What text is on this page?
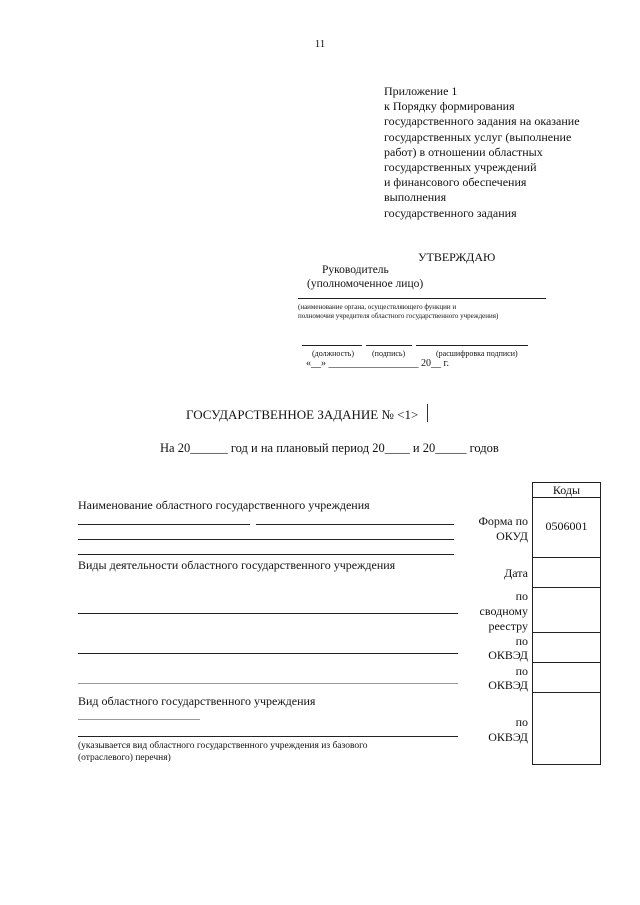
11
Приложение 1
к Порядку формирования
государственного задания на оказание
государственных услуг (выполнение
работ) в отношении областных
государственных учреждений
и финансового обеспечения
выполнения
государственного задания
УТВЕРЖДАЮ
Руководитель
(уполномоченное лицо)
(наименование органа, осуществляющего функции и
полномочия учредителя областного государственного учреждения)
(должность) (подпись)	(расшифровка подписи)
«__» __________________ 20__ г.
ГОСУДАРСТВЕННОЕ ЗАДАНИЕ № <1>
На 20______ год и на плановый период 20____ и 20_____ годов
Наименование областного государственного учреждения
Виды деятельности областного государственного учреждения
Вид областного государственного учреждения
(указывается вид областного государственного учреждения из базового
(отраслевого) перечня)
Форма по
ОКУД
Дата
по
сводному
реестру
по
ОКВЭД
по
ОКВЭД
по
ОКВЭД
Коды
0506001
